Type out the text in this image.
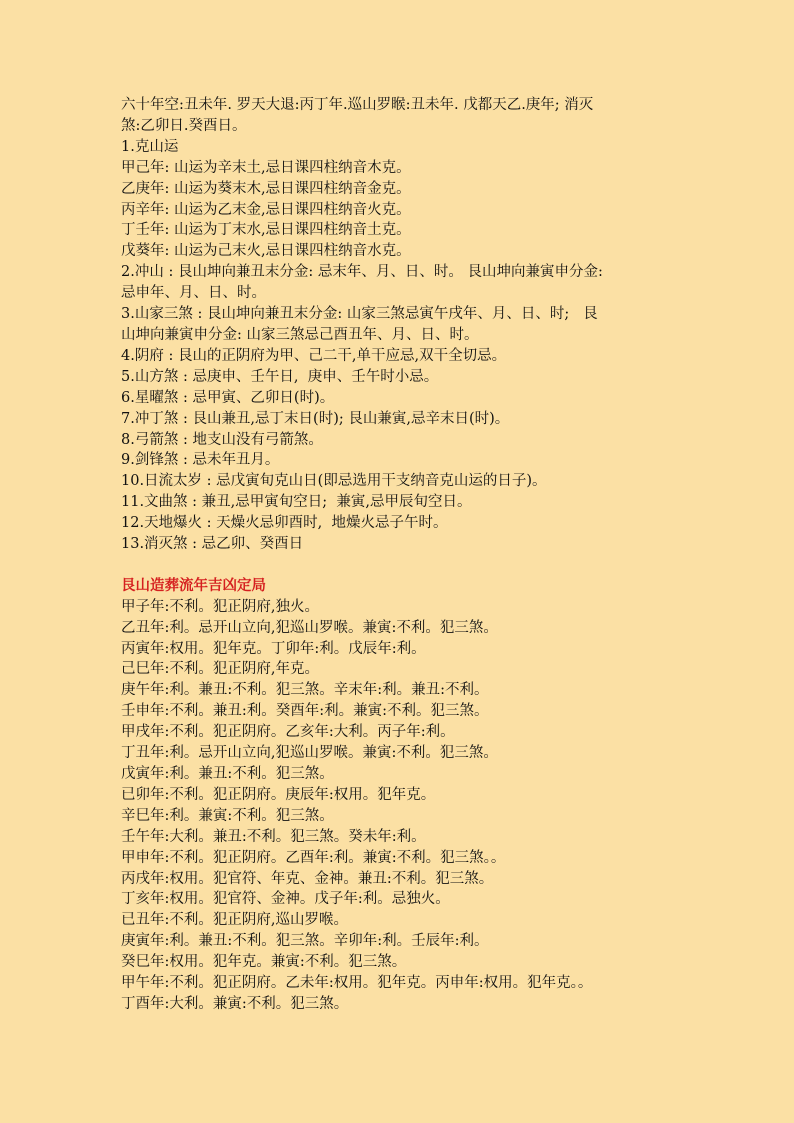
六十年空:丑未年. 罗天大退:丙丁年.巡山罗睺:丑未年. 戊都天乙.庚年; 消灭

煞:乙卯日.癸酉日。

1.克山运

甲己年: 山运为辛末土,忌日课四柱纳音木克。

乙庚年: 山运为葵末木,忌日课四柱纳音金克。

丙辛年: 山运为乙末金,忌日课四柱纳音火克。

丁壬年: 山运为丁末水,忌日课四柱纳音土克。

戊葵年: 山运为己末火,忌日课四柱纳音水克。

2.冲山 : 艮山坤向兼丑末分金: 忌末年、月、日、时。 艮山坤向兼寅申分金:

忌申年、月、日、时。

3.山家三煞 : 艮山坤向兼丑末分金: 山家三煞忌寅午戌年、月、日、时;   艮

山坤向兼寅申分金: 山家三煞忌己酉丑年、月、日、时。

4.阴府 : 艮山的正阴府为甲、己二干,单干应忌,双干全切忌。

5.山方煞 : 忌庚申、壬午日,  庚申、壬午时小忌。

6.星曜煞 : 忌甲寅、乙卯日(时)。

7.冲丁煞 : 艮山兼丑,忌丁末日(时); 艮山兼寅,忌辛末日(时)。

8.弓箭煞 : 地支山没有弓箭煞。

9.剑锋煞 : 忌未年丑月。

10.日流太岁 : 忌戊寅旬克山日(即忌选用干支纳音克山运的日子)。

11.文曲煞 : 兼丑,忌甲寅旬空日;  兼寅,忌甲辰旬空日。

12.天地爆火 : 天燥火忌卯酉时,  地燥火忌子午时。

13.消灭煞 : 忌乙卯、癸酉日

艮山造葬流年吉凶定局

甲子年:不利。犯正阴府,独火。

乙丑年:利。忌开山立向,犯巡山罗喉。兼寅:不利。犯三煞。

丙寅年:权用。犯年克。丁卯年:利。戊辰年:利。

己巳年:不利。犯正阴府,年克。

庚午年:利。兼丑:不利。犯三煞。辛末年:利。兼丑:不利。

壬申年:不利。兼丑:利。癸酉年:利。兼寅:不利。犯三煞。

甲戌年:不利。犯正阴府。乙亥年:大利。丙子年:利。

丁丑年:利。忌开山立向,犯巡山罗喉。兼寅:不利。犯三煞。

戊寅年:利。兼丑:不利。犯三煞。

已卯年:不利。犯正阴府。庚辰年:权用。犯年克。

辛巳年:利。兼寅:不利。犯三煞。

壬午年:大利。兼丑:不利。犯三煞。癸未年:利。

甲申年:不利。犯正阴府。乙酉年:利。兼寅:不利。犯三煞。。

丙戌年:权用。犯官符、年克、金神。兼丑:不利。犯三煞。

丁亥年:权用。犯官符、金神。戊子年:利。忌独火。

已丑年:不利。犯正阴府,巡山罗喉。

庚寅年:利。兼丑:不利。犯三煞。辛卯年:利。壬辰年:利。

癸巳年:权用。犯年克。兼寅:不利。犯三煞。

甲午年:不利。犯正阴府。乙未年:权用。犯年克。丙申年:权用。犯年克。。

丁酉年:大利。兼寅:不利。犯三煞。
